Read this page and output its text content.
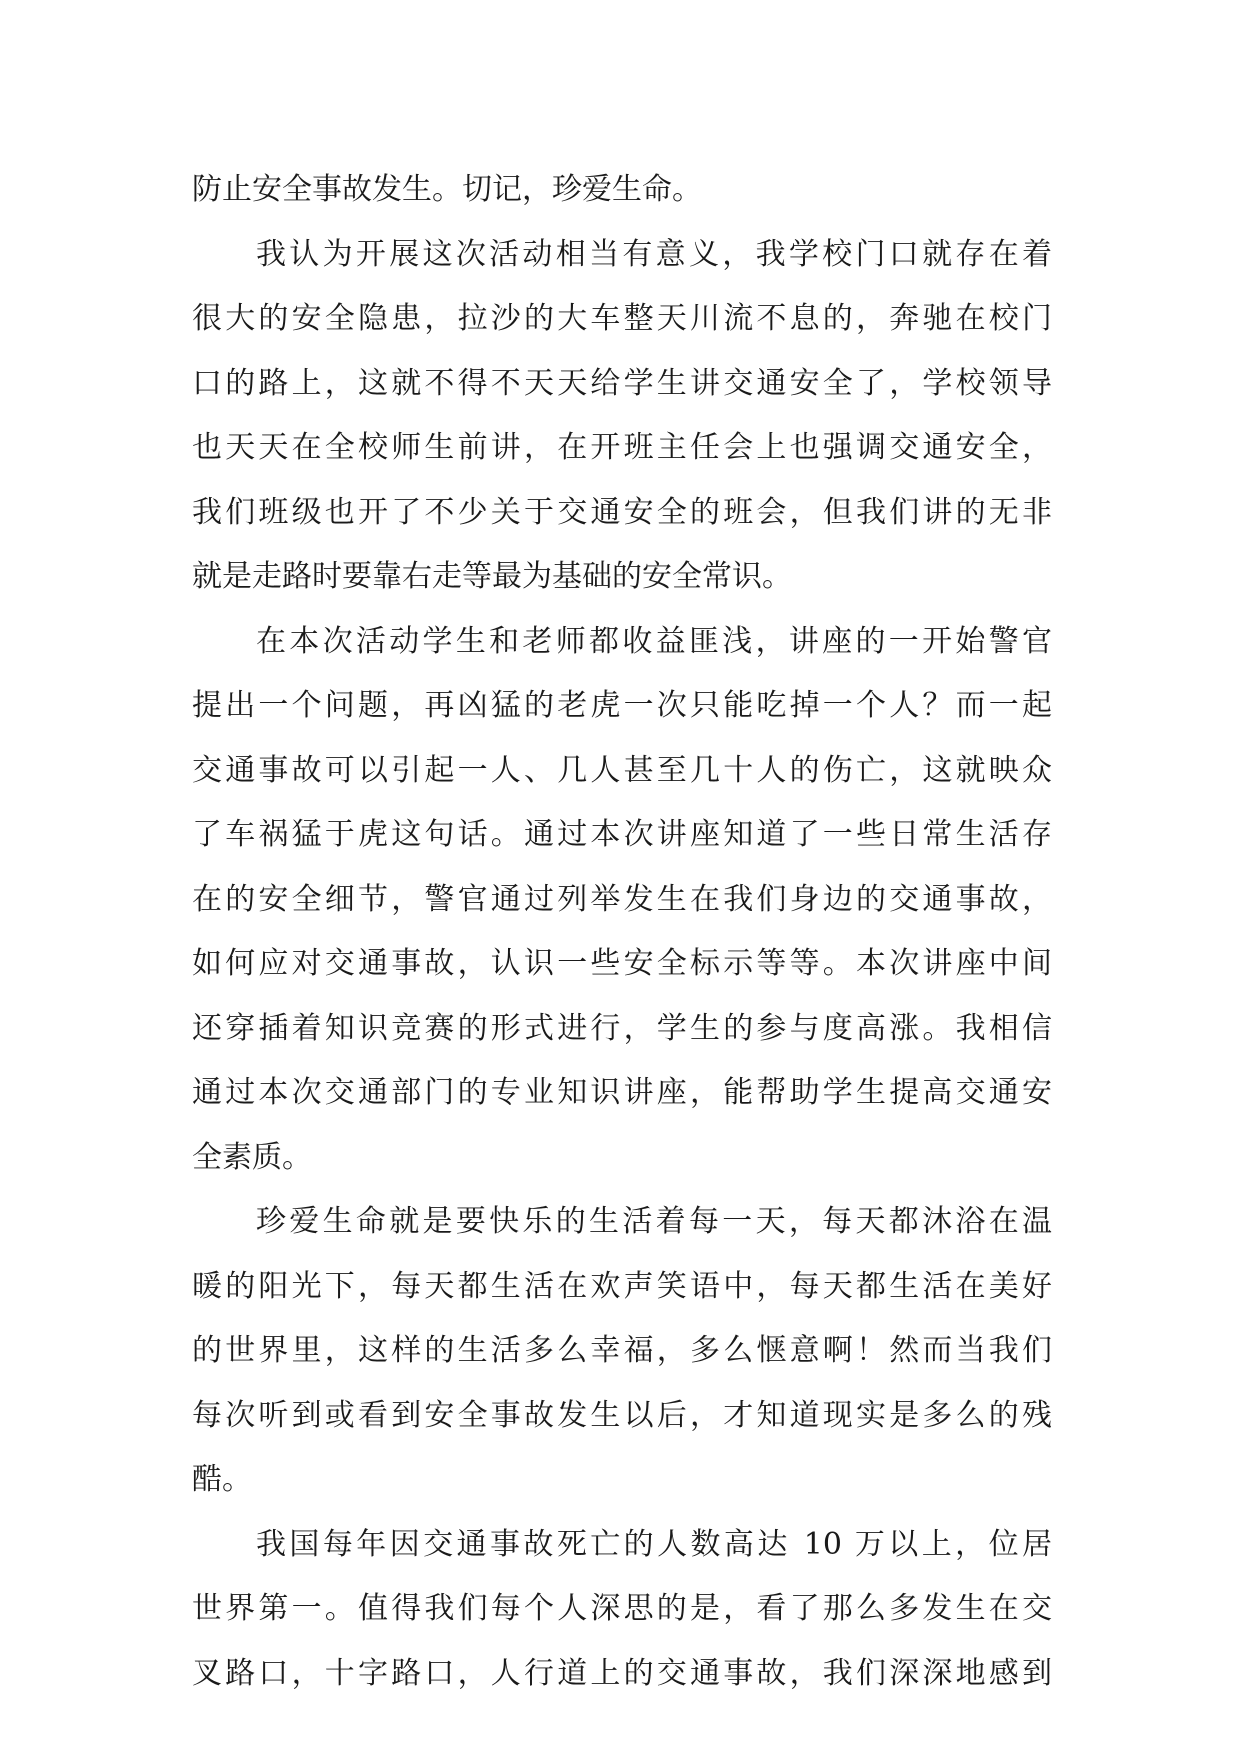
防止安全事故发生。切记，珍爱生命。
我认为开展这次活动相当有意义，我学校门口就存在着
很大的安全隐患，拉沙的大车整天川流不息的，奔驰在校门
口的路上，这就不得不天天给学生讲交通安全了，学校领导
也天天在全校师生前讲，在开班主任会上也强调交通安全，
我们班级也开了不少关于交通安全的班会，但我们讲的无非
就是走路时要靠右走等最为基础的安全常识。
在本次活动学生和老师都收益匪浅，讲座的一开始警官
提出一个问题，再凶猛的老虎一次只能吃掉一个人？而一起
交通事故可以引起一人、几人甚至几十人的伤亡，这就映众
了车祸猛于虎这句话。通过本次讲座知道了一些日常生活存
在的安全细节，警官通过列举发生在我们身边的交通事故，
如何应对交通事故，认识一些安全标示等等。本次讲座中间
还穿插着知识竞赛的形式进行，学生的参与度高涨。我相信
通过本次交通部门的专业知识讲座，能帮助学生提高交通安
全素质。
珍爱生命就是要快乐的生活着每一天，每天都沐浴在温
暖的阳光下，每天都生活在欢声笑语中，每天都生活在美好
的世界里，这样的生活多么幸福，多么惬意啊！然而当我们
每次听到或看到安全事故发生以后，才知道现实是多么的残
酷。
我国每年因交通事故死亡的人数高达 10 万以上，位居
世界第一。值得我们每个人深思的是，看了那么多发生在交
叉路口，十字路口，人行道上的交通事故，我们深深地感到
